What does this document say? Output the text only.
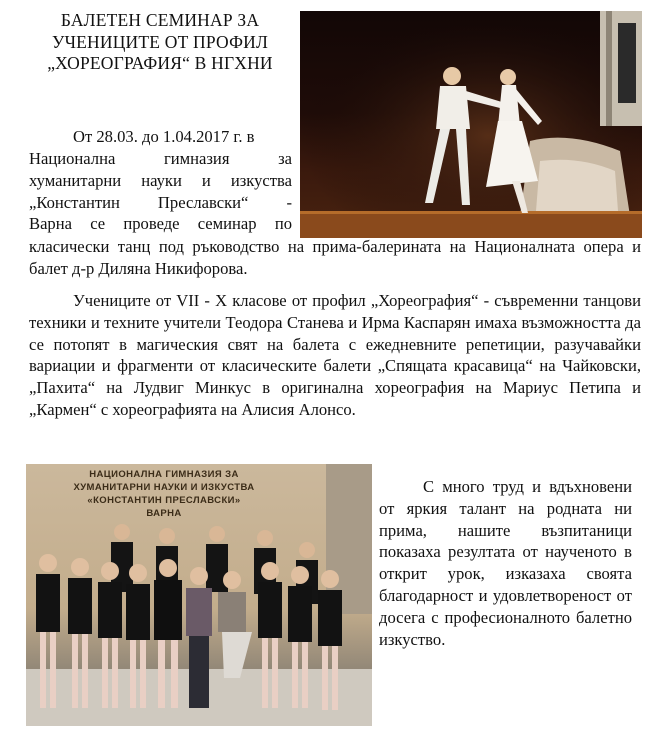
БАЛЕТЕН СЕМИНАР ЗА
УЧЕНИЦИТЕ ОТ ПРОФИЛ
„ХОРЕОГРАФИЯ“ В НГХНИ
От 28.03. до 1.04.2017 г. в
Национална гимназия за
хуманитарни науки и изкуства
„Константин Преславски“ -
Варна се проведе семинар по

класически танц под ръководство на прима-балерината на Националната опера и балет д-р Диляна Никифорова.

Учениците от VII - X класове от профил „Хореография“ - съвременни танцови техники и техните учители Теодора Станева и Ирма Каспарян имаха възможността да се потопят в магическия свят на балета с ежедневните репетиции, разучавайки вариации и фрагменти от класическите балети „Спящата красавица“ на Чайковски, „Пахита“ на Лудвиг Минкус в оригинална хореография на Мариус Петипа и „Кармен“ с хореографията на Алисия Алонсо.

НАЦИОНАЛНА ГИМНАЗИЯ ЗА
ХУМАНИТАРНИ НАУКИ И ИЗКУСТВА
«КОНСТАНТИН ПРЕСЛАВСКИ»
ВАРНА

С много труд и вдъхновени от яркия талант на родната ни прима, нашите възпитаници показаха резултата от наученото в открит урок, изказаха своята благодарност и удовлетвореност от досега с професионалното балетно изкуство.
